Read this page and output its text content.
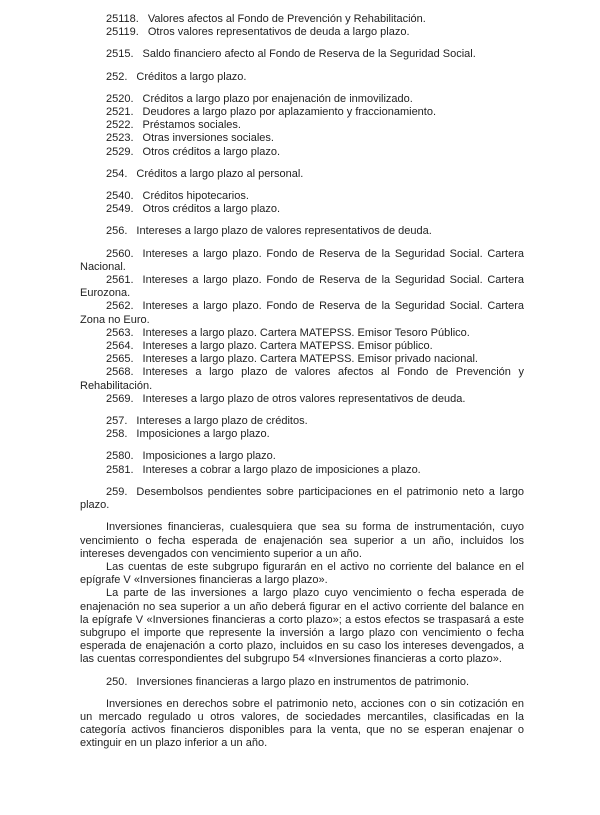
25118. Valores afectos al Fondo de Prevención y Rehabilitación.

25119. Otros valores representativos de deuda a largo plazo.

2515. Saldo financiero afecto al Fondo de Reserva de la Seguridad Social.

252. Créditos a largo plazo.

2520. Créditos a largo plazo por enajenación de inmovilizado.

2521. Deudores a largo plazo por aplazamiento y fraccionamiento.

2522. Préstamos sociales.

2523. Otras inversiones sociales.

2529. Otros créditos a largo plazo.

254. Créditos a largo plazo al personal.

2540. Créditos hipotecarios.

2549. Otros créditos a largo plazo.

256. Intereses a largo plazo de valores representativos de deuda.

2560. Intereses a largo plazo. Fondo de Reserva de la Seguridad Social. Cartera Nacional.

2561. Intereses a largo plazo. Fondo de Reserva de la Seguridad Social. Cartera Eurozona.

2562. Intereses a largo plazo. Fondo de Reserva de la Seguridad Social. Cartera Zona no Euro.

2563. Intereses a largo plazo. Cartera MATEPSS. Emisor Tesoro Público.

2564. Intereses a largo plazo. Cartera MATEPSS. Emisor público.

2565. Intereses a largo plazo. Cartera MATEPSS. Emisor privado nacional.

2568. Intereses a largo plazo de valores afectos al Fondo de Prevención y Rehabilitación.

2569. Intereses a largo plazo de otros valores representativos de deuda.

257. Intereses a largo plazo de créditos.

258. Imposiciones a largo plazo.

2580. Imposiciones a largo plazo.

2581. Intereses a cobrar a largo plazo de imposiciones a plazo.

259. Desembolsos pendientes sobre participaciones en el patrimonio neto a largo plazo.

Inversiones financieras, cualesquiera que sea su forma de instrumentación, cuyo vencimiento o fecha esperada de enajenación sea superior a un año, incluidos los intereses devengados con vencimiento superior a un año.

Las cuentas de este subgrupo figurarán en el activo no corriente del balance en el epígrafe V «Inversiones financieras a largo plazo».

La parte de las inversiones a largo plazo cuyo vencimiento o fecha esperada de enajenación no sea superior a un año deberá figurar en el activo corriente del balance en la epígrafe V «Inversiones financieras a corto plazo»; a estos efectos se traspasará a este subgrupo el importe que represente la inversión a largo plazo con vencimiento o fecha esperada de enajenación a corto plazo, incluidos en su caso los intereses devengados, a las cuentas correspondientes del subgrupo 54 «Inversiones financieras a corto plazo».

250. Inversiones financieras a largo plazo en instrumentos de patrimonio.

Inversiones en derechos sobre el patrimonio neto, acciones con o sin cotización en un mercado regulado u otros valores, de sociedades mercantiles, clasificadas en la categoría activos financieros disponibles para la venta, que no se esperan enajenar o extinguir en un plazo inferior a un año.
